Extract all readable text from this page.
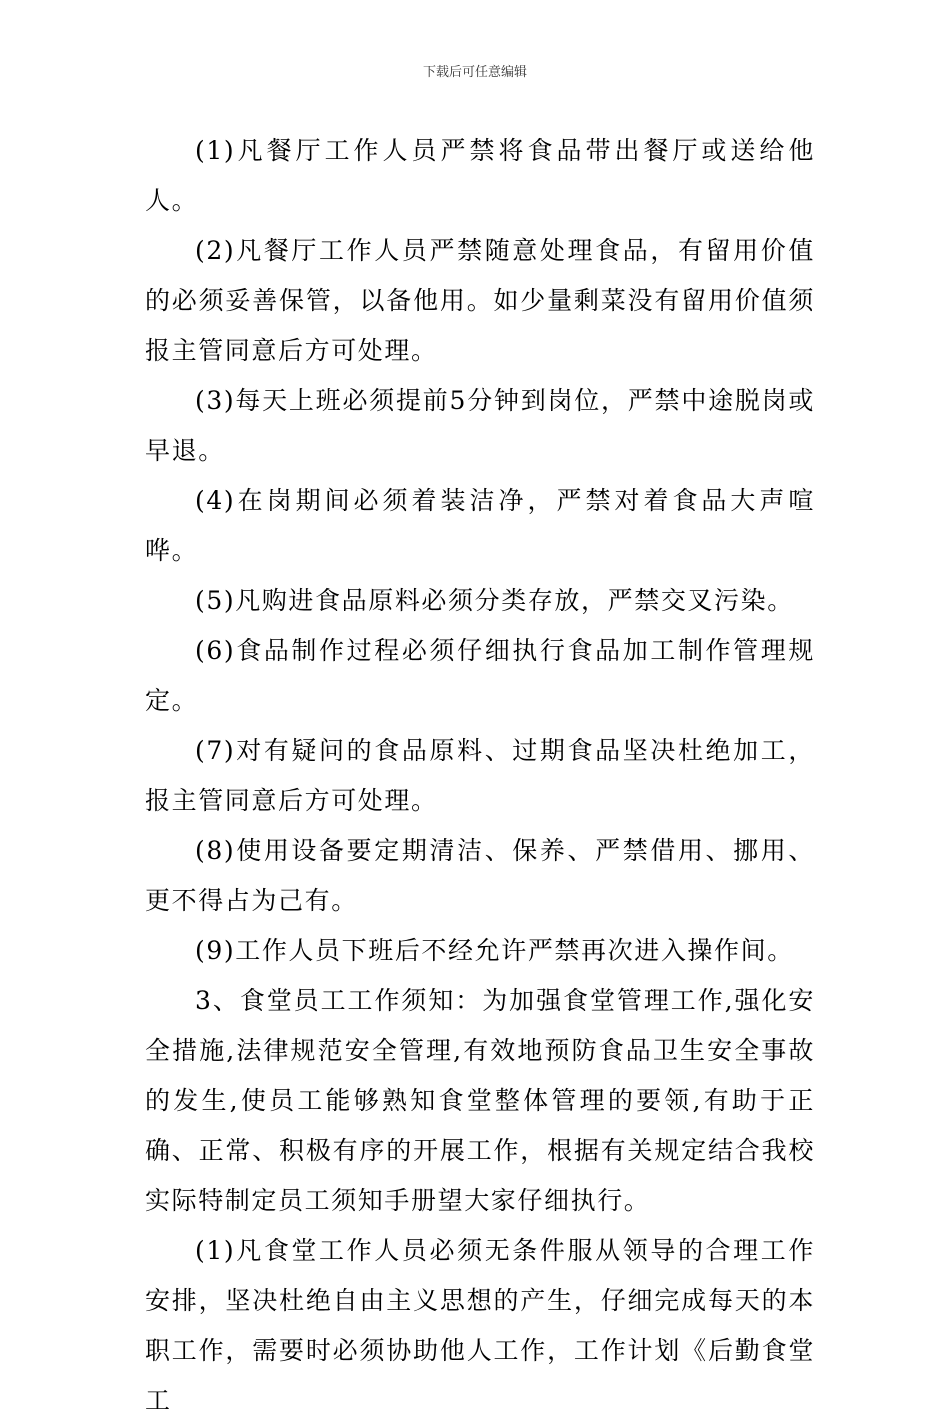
下载后可任意编辑

(1)凡餐厅工作人员严禁将食品带出餐厅或送给他人。

(2)凡餐厅工作人员严禁随意处理食品，有留用价值的必须妥善保管，以备他用。如少量剩菜没有留用价值须报主管同意后方可处理。

(3)每天上班必须提前5分钟到岗位，严禁中途脱岗或早退。

(4)在岗期间必须着装洁净，严禁对着食品大声喧哗。

(5)凡购进食品原料必须分类存放，严禁交叉污染。

(6)食品制作过程必须仔细执行食品加工制作管理规定。

(7)对有疑问的食品原料、过期食品坚决杜绝加工，报主管同意后方可处理。

(8)使用设备要定期清洁、保养、严禁借用、挪用、更不得占为己有。

(9)工作人员下班后不经允许严禁再次进入操作间。

3、食堂员工工作须知：为加强食堂管理工作,强化安全措施,法律规范安全管理,有效地预防食品卫生安全事故的发生,使员工能够熟知食堂整体管理的要领,有助于正确、正常、积极有序的开展工作，根据有关规定结合我校实际特制定员工须知手册望大家仔细执行。

(1)凡食堂工作人员必须无条件服从领导的合理工作安排，坚决杜绝自由主义思想的产生，仔细完成每天的本职工作，需要时必须协助他人工作，工作计划《后勤食堂工
